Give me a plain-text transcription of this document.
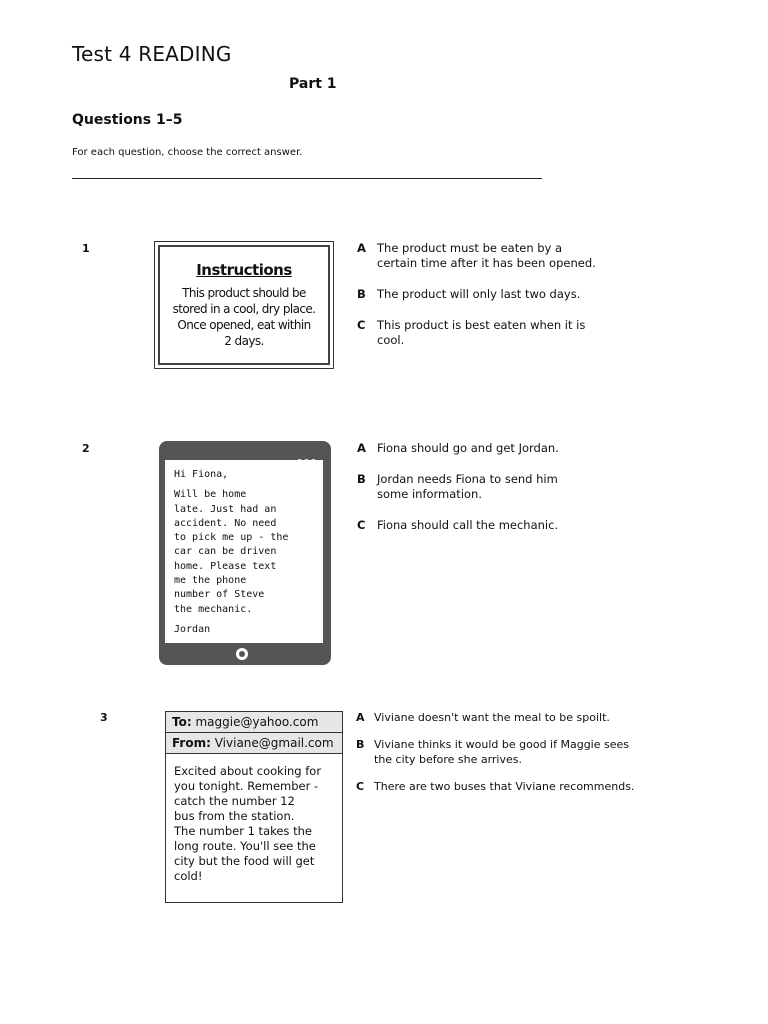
Test 4 READING
Part 1
Questions 1–5
For each question, choose the correct answer.
1
Instructions
This product should be
stored in a cool, dry place.
Once opened, eat within
2 days.
A The product must be eaten by a
certain time after it has been opened.
B The product will only last two days.
C This product is best eaten when it is
cool.
2

Hi Fiona,

Will be home
late. Just had an
accident. No need
to pick me up - the
car can be driven
home. Please text
me the phone
number of Steve
the mechanic.

Jordan

A Fiona should go and get Jordan.
B Jordan needs Fiona to send him
some information.
C Fiona should call the mechanic.
3	To: maggie@yahoo.com
From: Viviane@gmail.com
Excited about cooking for
you tonight. Remember -
catch the number 12
bus from the station.
The number 1 takes the
long route. You'll see the
city but the food will get
cold!
A Viviane doesn't want the meal to be spoilt.
B Viviane thinks it would be good if Maggie sees
the city before she arrives.
C There are two buses that Viviane recommends.
